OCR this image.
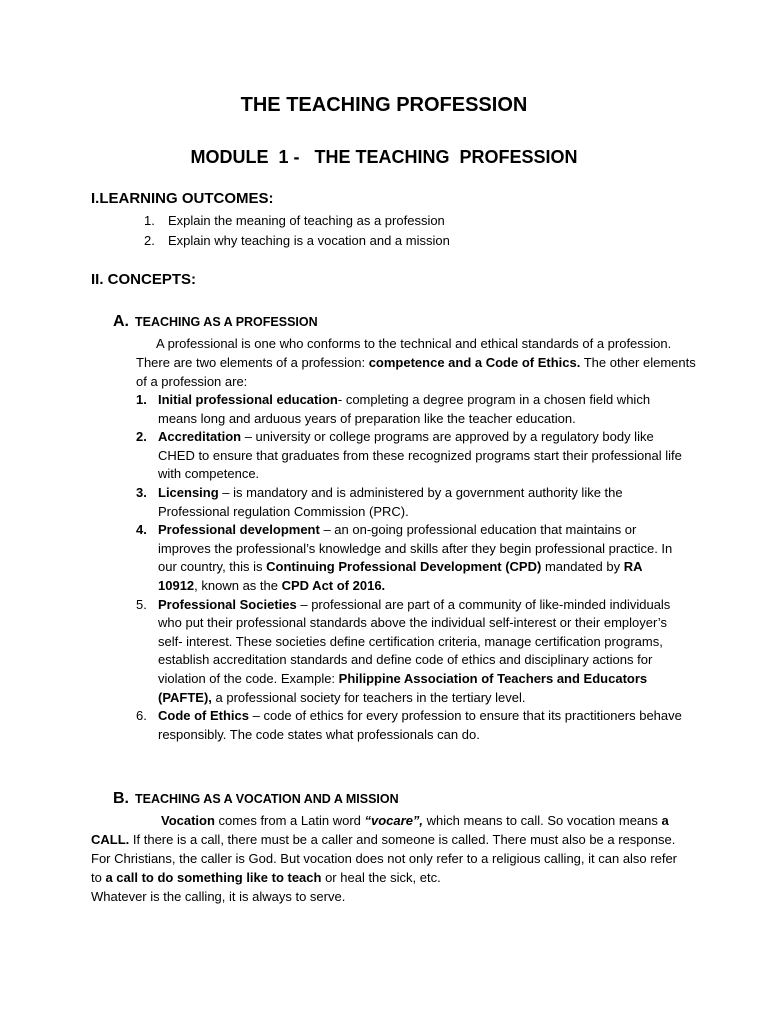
THE TEACHING PROFESSION
MODULE  1 -   THE TEACHING  PROFESSION
I.LEARNING OUTCOMES:
1.	Explain the meaning of teaching as a profession
2.	Explain why teaching is a vocation and a mission
II. CONCEPTS:
A. TEACHING AS A PROFESSION

A professional is one who conforms to the technical and ethical standards of a profession. There are two elements of a profession: competence and a Code of Ethics. The other elements of a profession are:

1. Initial professional education- completing a degree program in a chosen field which means long and arduous years of preparation like the teacher education.
2. Accreditation – university or college programs are approved by a regulatory body like CHED to ensure that graduates from these recognized programs start their professional life with competence.
3. Licensing – is mandatory and is administered by a government authority like the Professional regulation Commission (PRC).
4. Professional development – an on-going professional education that maintains or improves the professional’s knowledge and skills after they begin professional practice. In our country, this is Continuing Professional Development (CPD) mandated by RA 10912, known as the CPD Act of 2016.
5. Professional Societies – professional are part of a community of like-minded individuals who put their professional standards above the individual self-interest or their employer’s self- interest. These societies define certification criteria, manage certification programs, establish accreditation standards and define code of ethics and disciplinary actions for violation of the code. Example: Philippine Association of Teachers and Educators (PAFTE), a professional society for teachers in the tertiary level.
6. Code of Ethics – code of ethics for every profession to ensure that its practitioners behave responsibly. The code states what professionals can do.
B. TEACHING AS A VOCATION AND A MISSION

Vocation comes from a Latin word “vocare”, which means to call. So vocation means a CALL. If there is a call, there must be a caller and someone is called. There must also be a response. For Christians, the caller is God. But vocation does not only refer to a religious calling, it can also refer to a call to do something like to teach or heal the sick, etc.
Whatever is the calling, it is always to serve.
